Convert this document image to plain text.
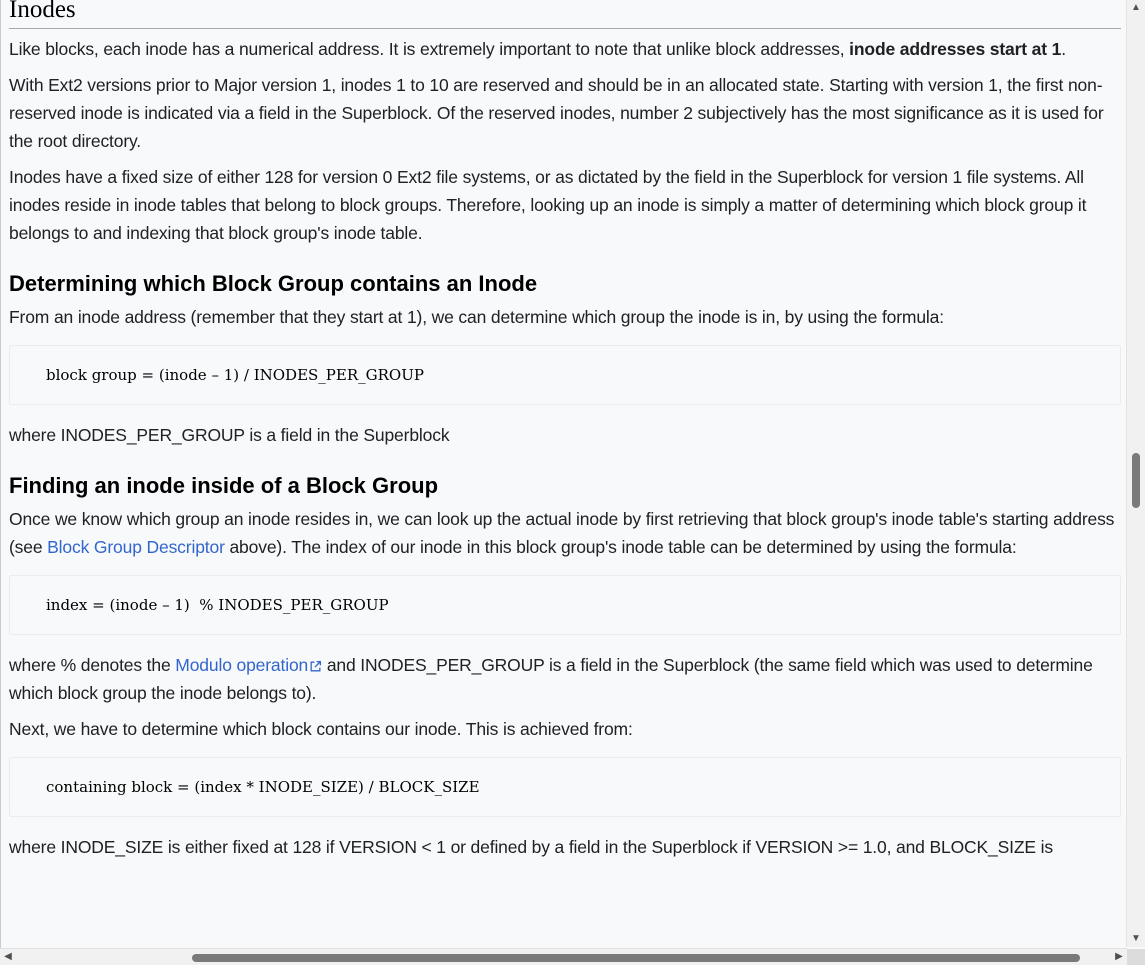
Inodes

Like blocks, each inode has a numerical address. It is extremely important to note that unlike block addresses, inode addresses start at 1.

With Ext2 versions prior to Major version 1, inodes 1 to 10 are reserved and should be in an allocated state. Starting with version 1, the first non-reserved inode is indicated via a field in the Superblock. Of the reserved inodes, number 2 subjectively has the most significance as it is used for the root directory.

Inodes have a fixed size of either 128 for version 0 Ext2 file systems, or as dictated by the field in the Superblock for version 1 file systems. All inodes reside in inode tables that belong to block groups. Therefore, looking up an inode is simply a matter of determining which block group it belongs to and indexing that block group's inode table.

Determining which Block Group contains an Inode

From an inode address (remember that they start at 1), we can determine which group the inode is in, by using the formula:

block group = (inode – 1) / INODES_PER_GROUP

where INODES_PER_GROUP is a field in the Superblock

Finding an inode inside of a Block Group

Once we know which group an inode resides in, we can look up the actual inode by first retrieving that block group's inode table's starting address (see Block Group Descriptor above). The index of our inode in this block group's inode table can be determined by using the formula:

index = (inode – 1)  % INODES_PER_GROUP

where % denotes the Modulo operation and INODES_PER_GROUP is a field in the Superblock (the same field which was used to determine which block group the inode belongs to).

Next, we have to determine which block contains our inode. This is achieved from:

containing block = (index * INODE_SIZE) / BLOCK_SIZE

where INODE_SIZE is either fixed at 128 if VERSION < 1 or defined by a field in the Superblock if VERSION >= 1.0, and BLOCK_SIZE is

▲
▼
◀	▶
